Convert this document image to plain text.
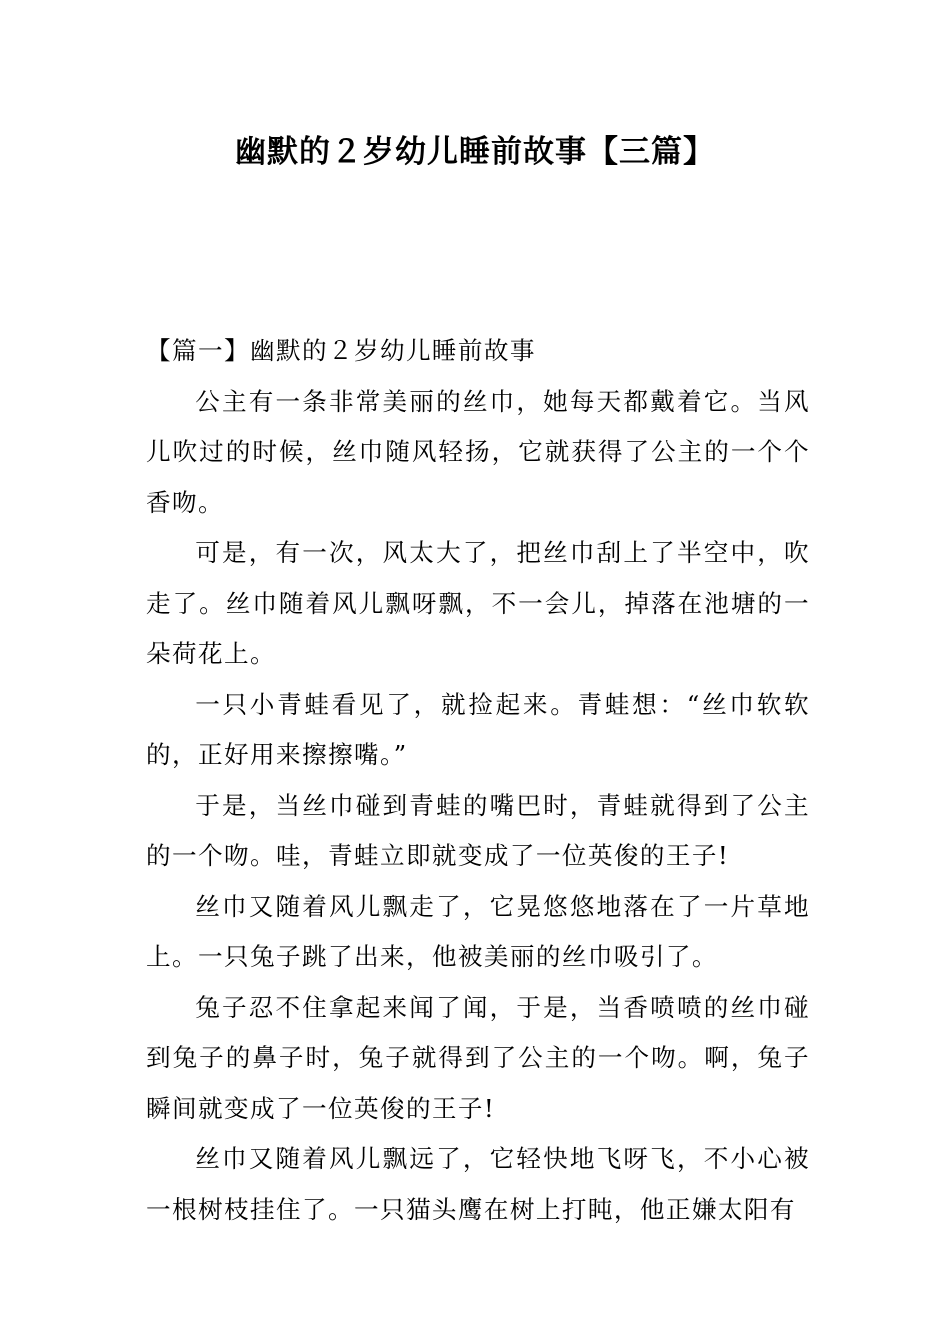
幽默的２岁幼儿睡前故事【三篇】

【篇一】幽默的２岁幼儿睡前故事

公主有一条非常美丽的丝巾，她每天都戴着它。当风儿吹过的时候，丝巾随风轻扬，它就获得了公主的一个个香吻。

可是，有一次，风太大了，把丝巾刮上了半空中，吹走了。丝巾随着风儿飘呀飘，不一会儿，掉落在池塘的一朵荷花上。

一只小青蛙看见了，就捡起来。青蛙想：“丝巾软软的，正好用来擦擦嘴。”

于是，当丝巾碰到青蛙的嘴巴时，青蛙就得到了公主的一个吻。哇，青蛙立即就变成了一位英俊的王子!

丝巾又随着风儿飘走了，它晃悠悠地落在了一片草地上。一只兔子跳了出来，他被美丽的丝巾吸引了。

兔子忍不住拿起来闻了闻，于是，当香喷喷的丝巾碰到兔子的鼻子时，兔子就得到了公主的一个吻。啊，兔子瞬间就变成了一位英俊的王子!

丝巾又随着风儿飘远了，它轻快地飞呀飞，不小心被一根树枝挂住了。一只猫头鹰在树上打盹，他正嫌太阳有
